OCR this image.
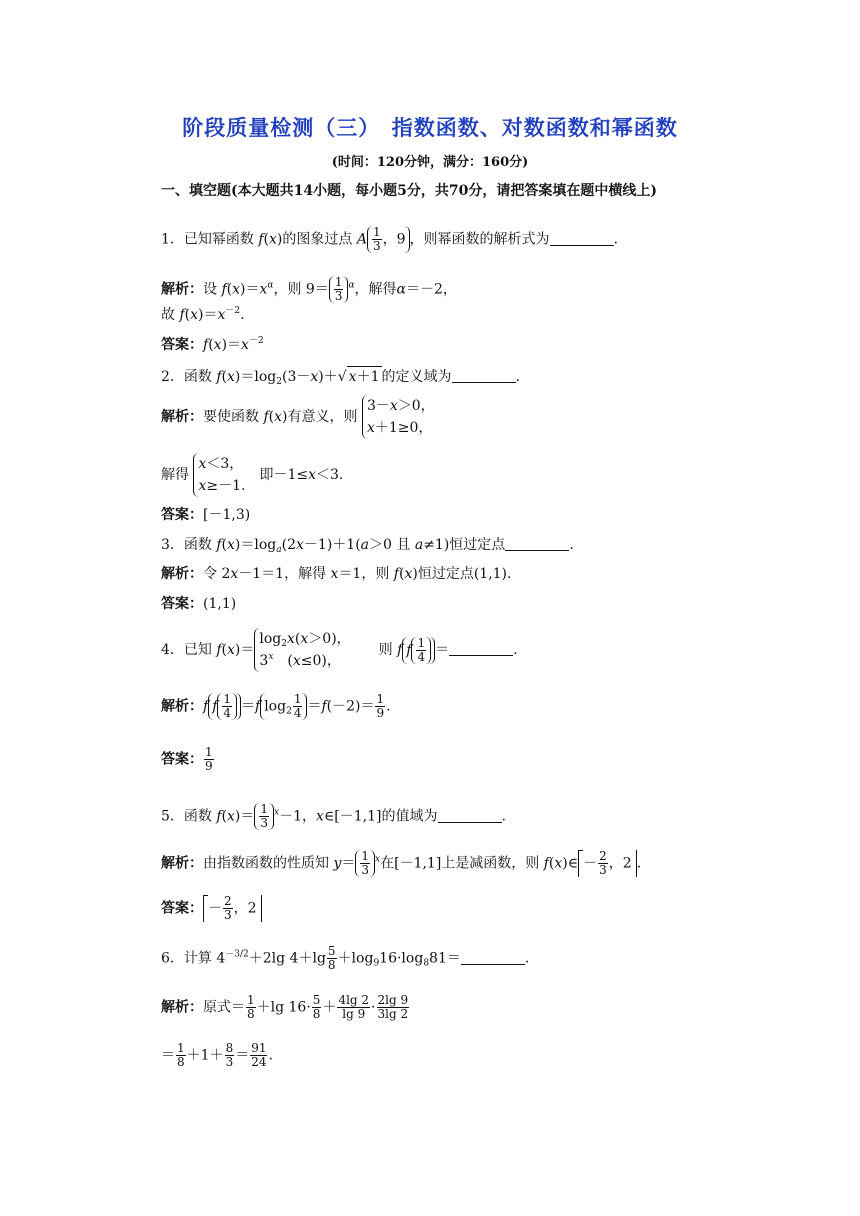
阶段质量检测（三）　指数函数、对数函数和幂函数
(时间：120分钟，满分：160分)
一、填空题(本大题共14小题，每小题5分，共70分，请把答案填在题中横线上)
1．已知幂函数 f(x)的图象过点 A $\frac{1}{3}$ ，9 ，则幂函数的解析式为	.
解析：设 $f(x)=x^\alpha$，则 $9= \frac{1}{3} ^\alpha$，解得α＝－2，
故 $f(x)=x^{-2}$.
答案：$f(x)=x^{-2}$
2．函数 $f(x)=\log_2(3-x)+√$ x＋1 的定义域为	.
解析：要使函数 f(x)有意义，则 3－x＞0，
x＋1≥0，
解得 x＜3，
x≥－1.　即－1≤x＜3.
答案：[－1,3)
3．函数 $f(x)=\log_a(2x-1)+1(a>0$ 且 a≠1)恒过定点	.
解析：令 2x－1＝1，解得 x＝1，则 f(x)恒过定点(1,1).
答案：(1,1)
4．已知 $f(x)=\log_2x(x>0)$，
3$^x$　(x≤0)，　　则 f f $\frac{1}{4}$ ＝	.
解析：f f $\frac{1}{4} =f$ $\log_2 \frac{1}{4} =f(-2)= \frac{1}{9}$ .
答案： $\frac{1}{9}$
5．函数 $f(x)= \frac{1}{3} ^x-1$，x∈[－1,1]的值域为	.
解析：由指数函数的性质知 $y= \frac{1}{3} ^x$在[－1,1]上是减函数，则 f(x)∈ － $\frac{2}{3}$ ，2 .
答案： － $\frac{2}{3}$ ，2
6．计算 $4^{-3/2}+2\lg$ $4+\lg \frac{5}{8} +\log_916\cdot\log_881=$	.
解析：原式＝ $\frac{1}{8} +\lg$ $16\cdot \frac{5}{8} + \frac{4\lg 2}{\lg 9} \cdot \frac{2\lg 9}{3\lg 2}$
＝ $\frac{1}{8} +1+ \frac{8}{3} = \frac{91}{24}$ .
